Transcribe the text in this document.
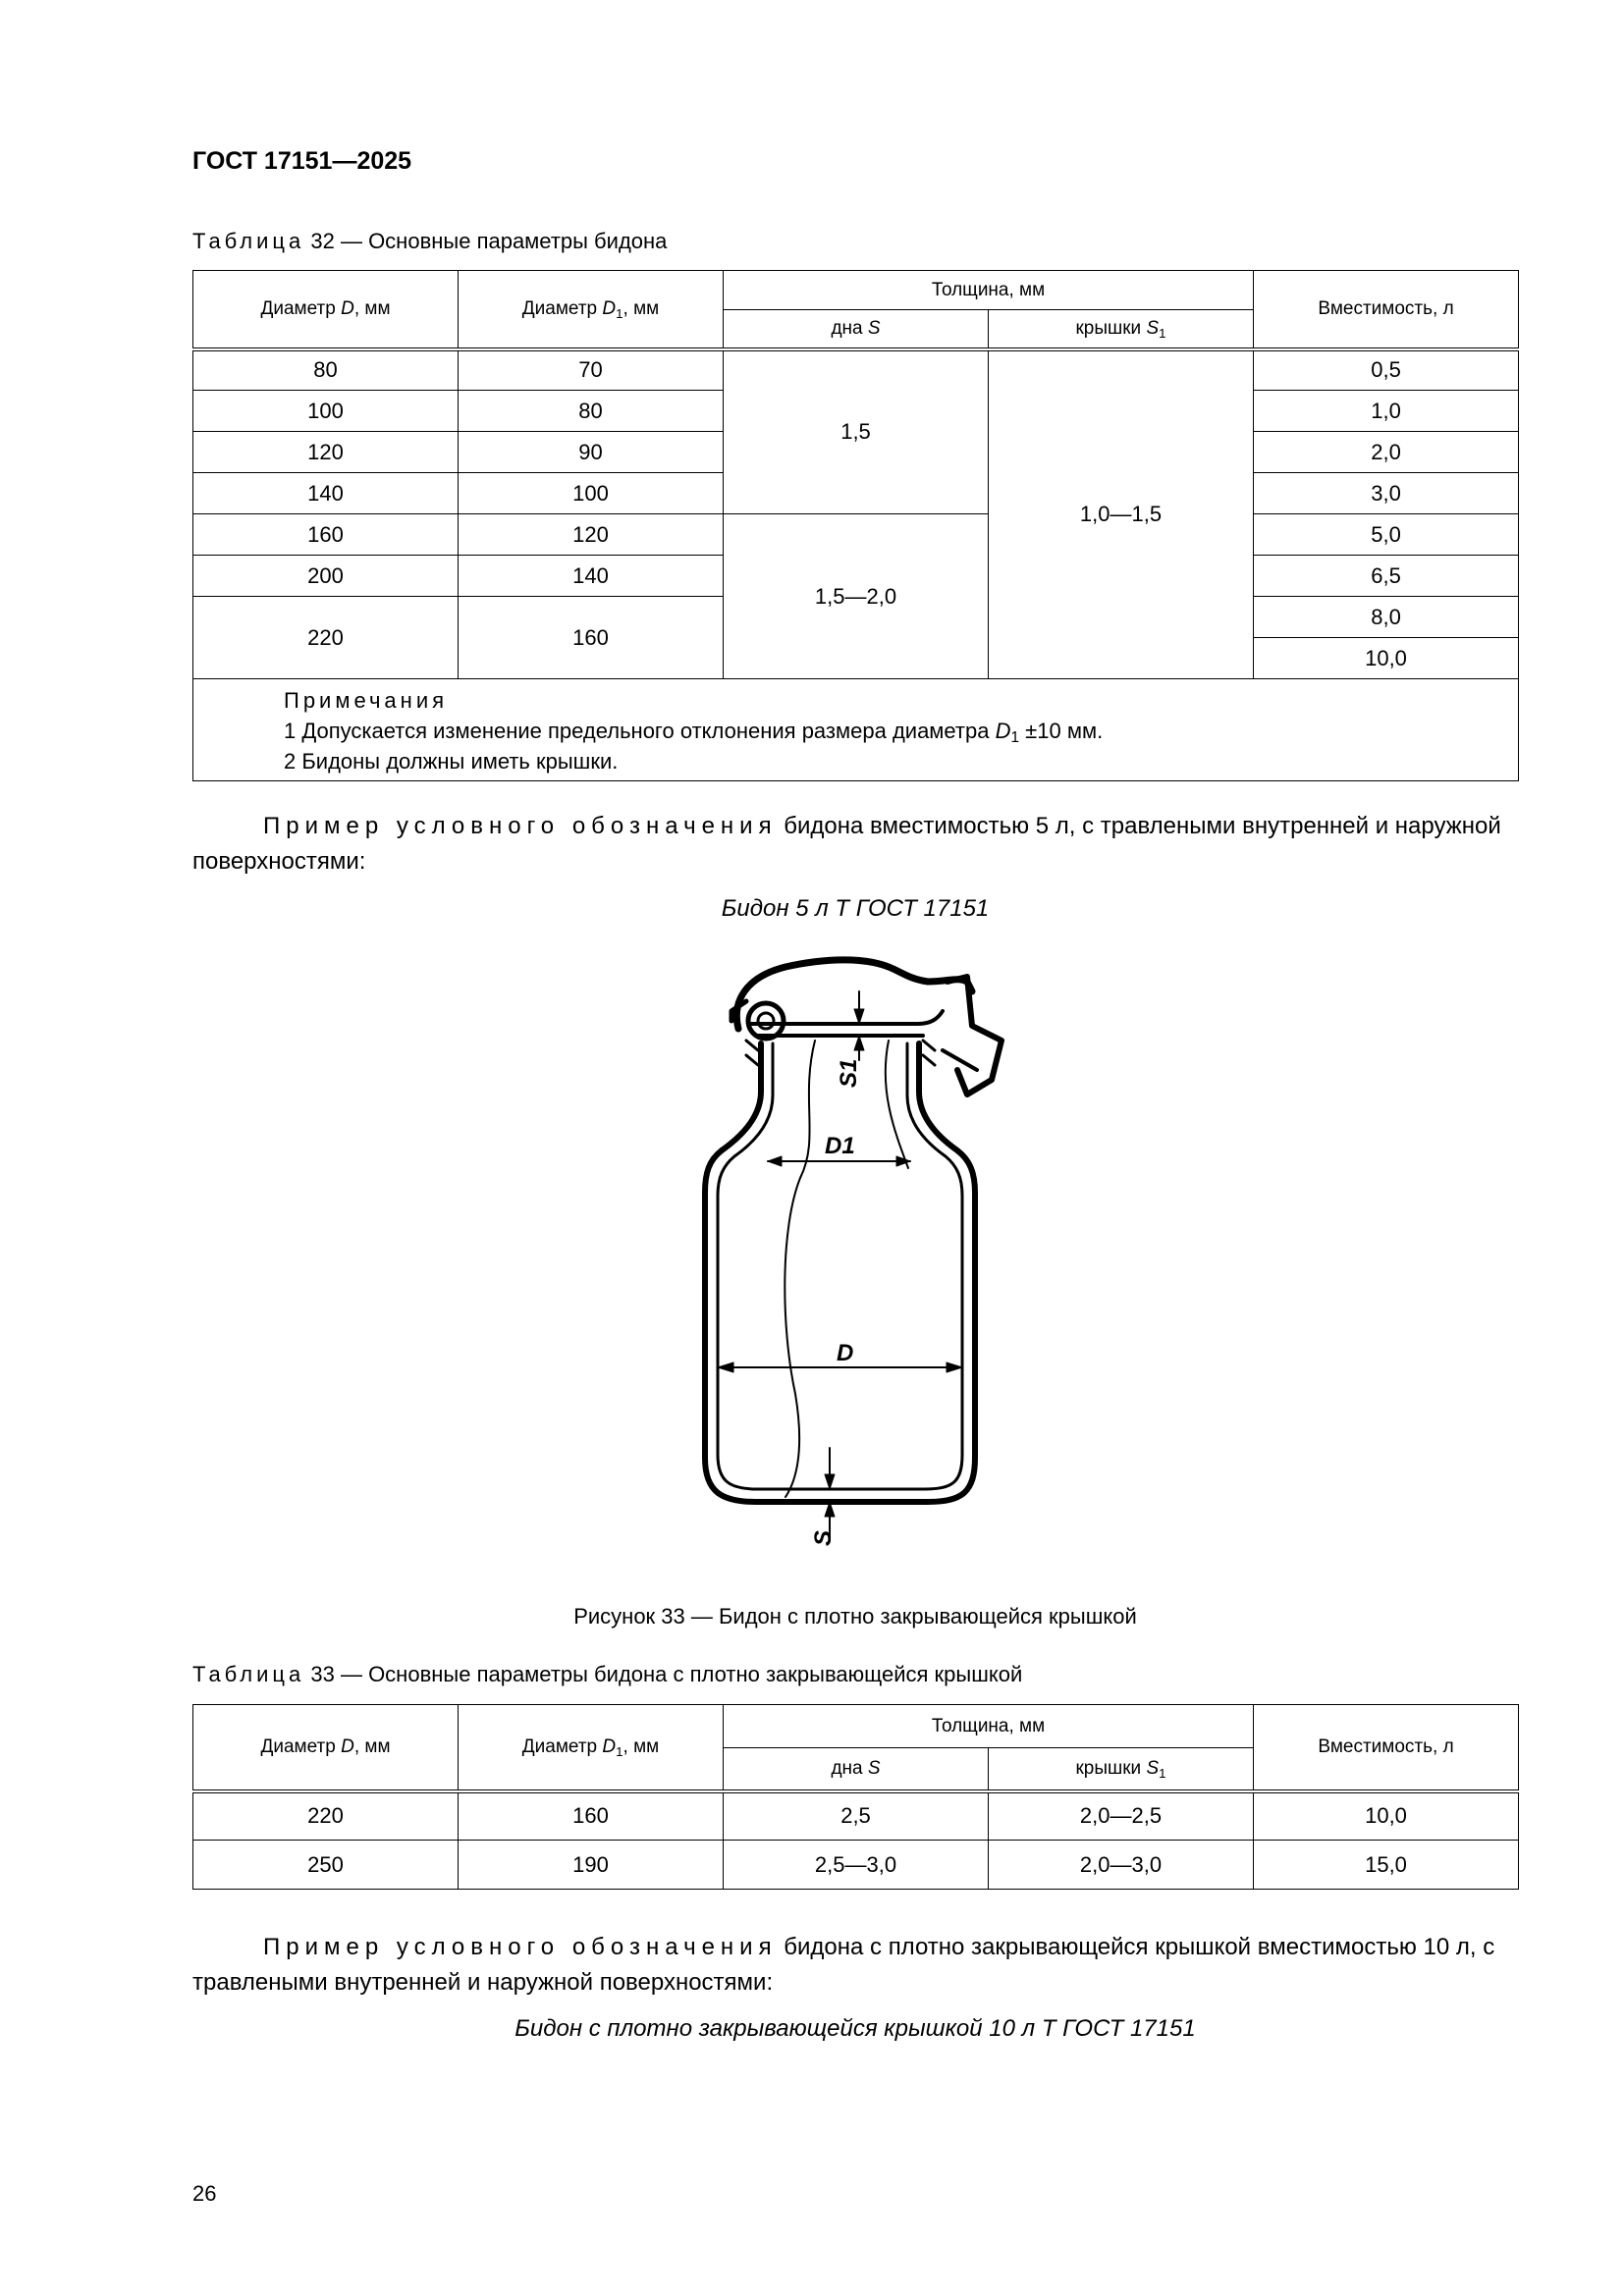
ГОСТ 17151—2025
Таблица 32 — Основные параметры бидона
Диаметр D, мм	Диаметр $D_1$, мм	Толщина, мм		Вместимость, л
		дна S	крышки $S_1$
80	70	1,5	1,0—1,5	0,5
100	80			1,0
120	90			2,0
140	100			3,0
160	120	1,5—2,0		5,0
200	140			6,5
220	160			8,0
				10,0

Примечания
1 Допускается изменение предельного отклонения размера диаметра $D_1 \pm 10$ мм.
2 Бидоны должны иметь крышки.				
Пример условного обозначения бидона вместимостью 5 л, с травлеными внутренней и наружной поверхностями:
Бидон 5 л Т ГОСТ 17151
S1
D1
D
S
Рисунок 33 — Бидон с плотно закрывающейся крышкой
Таблица 33 — Основные параметры бидона с плотно закрывающейся крышкой
Диаметр D, мм	Диаметр $D_1$, мм	Толщина, мм		Вместимость, л
		дна S	крышки $S_1$
220	160	2,5	2,0—2,5	10,0
250	190	2,5—3,0	2,0—3,0	15,0
Пример условного обозначения бидона с плотно закрывающейся крышкой вместимостью 10 л, с травлеными внутренней и наружной поверхностями:
Бидон с плотно закрывающейся крышкой 10 л Т ГОСТ 17151
26
